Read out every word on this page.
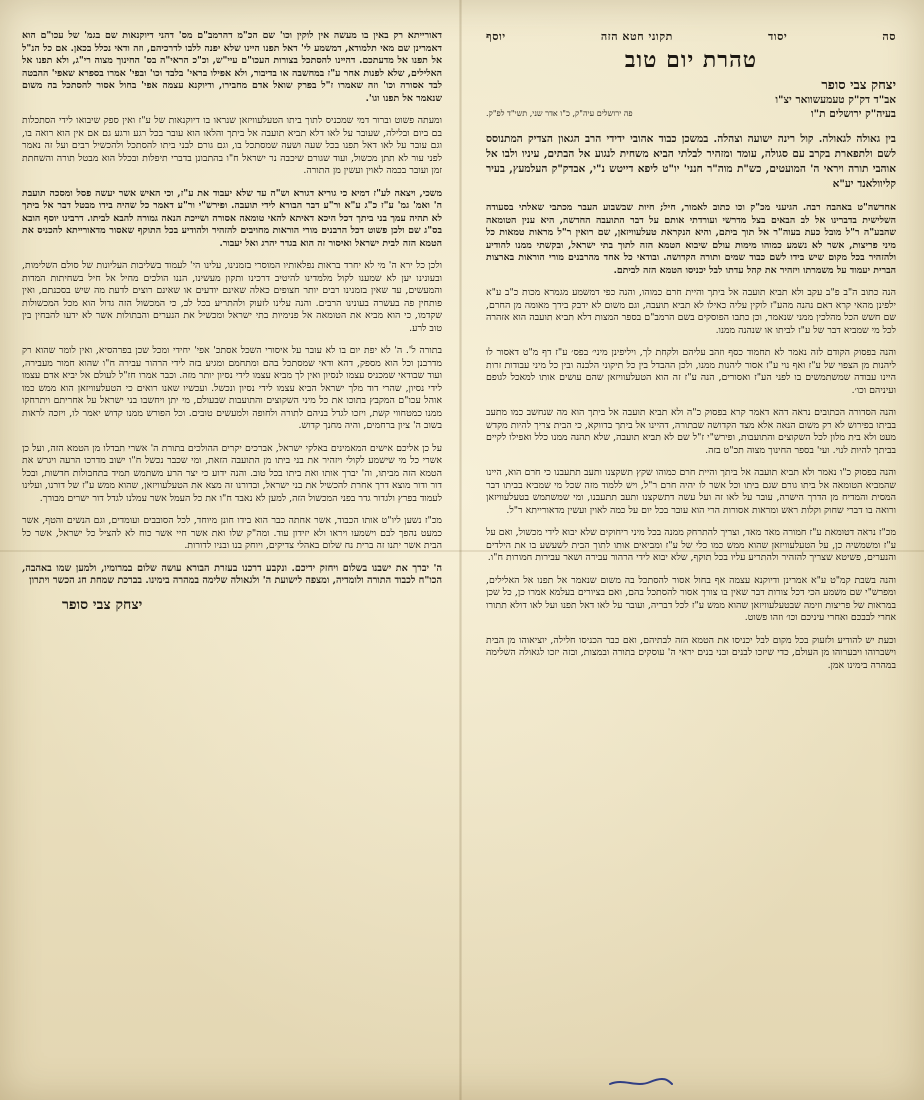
סה
יסוד
תקוני חטא הזה
יוסף
טהרת יום טוב
יצחק צבי סופר
אב"ד דק"ק טעמעשוואר יצ"ו
בעיה"ק ירושלים ת"ו
פה ירושלים עיה"ק, כ"ו אדר שני, תשי"ד לפ"ק.

בין גאולה לגאולה. קול רינה ישועה וצהלה. במשכן כבוד אהובי ידידי הרב הגאון הצדיק המתנוסס לשם ולתפארת בקרב עם סגולה, עומד ומזהיר לבלתי הביא משחית לנגוע אל הבתים, עיניו ולבו אל אוהבי תורה ויראי ה' המועטים, כש"ת מוה"ר חנני' יו"ט ליפא דייטש נ"י, אבדק"ק העלמעץ, בעיר קליוולאנד יע"א

אחדשה"ט באהבה רבה. הגיעני מכ"ק וכו כתוב לאמור, חיל; חיות שבשבוע העבר מכתבי שאלתי בסעודה השלישית בדברינו אל לב הבאים בצל מדרשי ועורדתי אותם על דבר התועבה החדשה, היא ענין הטומאה שהבע"ה ר"ל מובל כעת בעוה"ר אל תוך ביתם, והיא הנקראת טעלעוויזאן, שם רואין ר"ל מראות טמאות כל מיני פריצות, אשר לא נשמע כמוהו מימות עולם שיבוא הטמא הזה לתוך בתי ישראל, ובקשתי ממנו להודיע ולהזהיר בכל מקום שיש בידו לשם כבוד שמים ותורה הקדושה. ובודאי כל אחד מהרבנים מורי הוראות בארצות הברית יעמוד על משמרתו ויזהיר את קהל עדתו לבל יכניסו הטמא הזה לביתם.

הנה כתוב ה"ב פ"ב עקב ולא תביא תועבה אל ביתך והיית חרם כמוהו, והנה כפי דמשמע מגמרא מכות כ"ב ע"א ילפינן מהאי קרא דאם נהנה מהע"ז לוקין עליה כאילו לא תביא תועבה, וגם משום לא ידבק בידך מאומה מן החרם, שם חשש הכל מהלכין ממני שנאמר, וכן כתבו הפוסקים בשם הרמב"ם בספר המצות דלא תביא תועבה הוא אזהרה לכל מי שמביא דבר של ע"ז לביתו או שנהנה ממנו.

והנה בפסוק הקודם לזה נאמר לא תחמוד כסף וזהב עליהם ולקחת לך, ויליפינן מיני׳ בפס׳ ע"ז דף מ"ט דאסור לו ליהנות מן הצפוי של ע"ז ואף נוי ע"ז אסור ליהנות ממנו, ולכן ההבדל בין כל תיקוני הלבנה ובין כל מיני עבודות זרות היינו עבודה שמשתמשים בו לפני הע"ז ואסורים, הנה ע"ז זה הוא הטעלעוויזאן שהם עושים אותו למאכל לגופם ועיניהם וכו׳.

והנה הסדורה הכתובים נראה דהא דאמר קרא בפסוק כ"ה ולא תביא תועבה אל ביתך הוא מה שנחשב כמו מתעב בביתו בפירוש לא רק משום הנאה אלא מצד הקדושה שבתורה, דהיינו אל ביתך בדווקא, כי הבית צריך להיות מקדש מעט ולא בית מלון לכל השקוצים והתועבות, ופירש"י ז"ל שם לא תביא תועבה, שלא תהנה ממנו כלל ואפילו לקיים בביתך להיות לנוי. ועי' בספר החינוך מצוה תכ"ט בזה.

והנה בפסוק כ"ו נאמר ולא תביא תועבה אל ביתך והיית חרם כמוהו שקץ תשקצנו ותעב תתעבנו כי חרם הוא, היינו שהמביא הטומאה אל ביתו גורם שגם ביתו וכל אשר לו יהיה חרם ר"ל, ויש ללמוד מזה שכל מי שמביא בביתו דבר המסית והמדיח מן הדרך הישרה, עובר על לאו זה ועל עשה דתשקצנו ותעב תתעבנו, ומי שמשתמש בטעלעוויזאן ורואה בו דברי שחוק וקלות ראש ומראות אסורות הרי הוא עובר בכל יום על כמה לאוין ועשין מדאורייתא ר"ל.

מכ"ז נראה דטומאת ע"ז חמורה מאד מאד, וצריך להתרחק ממנה בכל מיני ריחוקים שלא יבוא לידי מכשול, ואם על ע"ז ומשמשיה כן, על הטעלעוויזאן שהוא ממש כמו כלי של ע"ז ומביאים אותו לתוך הבית לשעשע בו את הילדים והנערים, פשיטא שצריך להזהיר ולהתריע עליו בכל תוקף, שלא יבוא לידי הרהור עבירה ושאר עבירות חמורות ח"ו.

והנה בשבת קמ"ט ע"א אמרינן ודיוקנא עצמה אף בחול אסור להסתכל בה משום שנאמר אל תפנו אל האלילים, ומפרש"י שם משמע הכי דכל צורות דבר שאין בו צורך אסור להסתכל בהם, ואם בציורים בעלמא אמרו כן, כל שכן במראות של פריצות וזימה שבטעלעוויזאן שהוא ממש ע"ז לכל דבריה, ועובר על לאו דאל תפנו ועל לאו דולא תתורו אחרי לבבכם ואחרי עיניכם וכו׳ וזהו פשוט.

וכעת יש להודיע ולזעוק בכל מקום לבל יכניסו את הטמא הזה לבתיהם, ואם כבר הכניסו חלילה, יוציאוהו מן הבית וישברוהו ויבערוהו מן העולם, כדי שיזכו לבנים ובני בנים יראי ה' עוסקים בתורה ובמצות, ובזה יזכו לגאולה השלימה במהרה בימינו אמן.

דאורייתא רק באין בו מעשה אין לוקין וכו' שם הכ"מ דהרמב"ם מס' דהני דיוקנאות שם בגמ' של עכו"ם הוא דאמרינן שם מאי תלמודא, דמשמע לי' דאל תפנו היינו שלא יפנה ללבו לדרכיהם, וזה ודאי נכלל בכאן. אם כל הנ"ל אל תפנו אל מדעתכם. דהיינו להסתכל בצורות העכו"ם עיי"ש, וכ"כ הראי"ה בס' החינוך מצוה רי"ג, ולא תפנו אל האלילים, שלא לפנות אחר ע"ז במחשבה או בדיבור, ולא אפילו בראי' בלבד וכו' ובפי' אמרו בספרא שאפי' ההבטה לבד אסורה וכו' וזה שאמרו ז"ל בפרק שואל אדם מחבירו, ודיוקנא עצמה אפי' בחול אסור להסתכל בה משום שנאמר אל תפנו וגו'.

ומעתה פשוט וברור דמי שמכניס לתוך ביתו הטעלעוויזאן שנראו בו דיוקנאות של ע"ז ואין ספק שיבואו לידי הסתכלות בם ביום ובלילה, שעובר על לאו דלא תביא תועבה אל ביתך והלאו הוא עובר בכל רגע ורגע גם אם אין הוא רואה בו, וגם עובר על לאו דאל תפנו בכל שעה ושעה שמסתכל בו, וגם גורם לבני ביתו להסתכל ולהכשיל רבים ועל זה נאמר לפני עור לא תתן מכשול, ועוד שגורם שיכבה נר ישראל ח"ו בהתבונן בדברי תיפלות ובכלל הוא מבטל תורה והשחתת זמן ועובר בכמה לאוין ועשין מן התורה.

משכי, ויצאה לע"ז דמיא כי גוריא דגורא וש"ה עד שלא יעבוד את ע"ז, וכי האיש אשר יעשה פסל ומסכה תועבת ה' ואמ' גמ' ע"ז כ"ג ע"א ור"ע דבר הבורא לידי תועבה. ופירש"י ור"ע דאמר כל שהיה בידו מבטל דבר אל ביתך לא תהיה עמך בני ביתך דכל היכא דאיתא להאי טומאה אסורה ושייכת הנאה גמורה להבא לביתו. דרבינו יוסף הובא בס"ג שם ולכן פשוט דכל הרבנים מורי הוראות מחויבים להזהיר ולהודיע בכל התוקף שאסור מדאורייתא להכניס את הטמא הזה לבית ישראל ואיסור זה הוא בגדר יהרג ואל יעבור.

ולכן כל ירא ה' מי לא יחרד בראות נפלאותיו המוסרי בזמנינו, עלינו הי' לעמוד בשליבות העליונות של סולם השלימות, ובעונינו יען לא שמענו לקול מלמדינו להיטיב דרכינו ותקון מעשינו, הננו הולכים מחיל אל חיל בשחיתות המדות והמעשים, עד שאין בזמנינו רבים יותר חצופים כאלה שאינם יודעים או שאינם רוצים לדעת מה שיש בסכנתם, ואין פותחין פה בעשרה בעונינו הרבים. והנה עלינו לזעוק ולהתריע בכל לב, כי המכשול הזה גדול הוא מכל המכשולות שקדמו, כי הוא מביא את הטומאה אל פנימיות בתי ישראל ומכשיל את הנערים והבתולות אשר לא ידעו להבחין בין טוב לרע.

בתורה ל'. ה' לא יפת יום בו לא עובר על איסורי השכל אסתכ' אפי' יחידי ומכל שכן בפרהסיא, ואין לומר שהוא רק מדרבנן וכל הוא מספק, דהא ודאי שמסתכל בהם ומתחמם ומגיע בזה לידי הרהור עבירה ח"ו שהוא חמור מעבירה, ועוד שבודאי שמכניס עצמו לנסיון ואין לך מביא עצמו לידי נסיון יותר מזה. וכבר אמרו חז"ל לעולם אל יביא אדם עצמו לידי נסיון, שהרי דוד מלך ישראל הביא עצמו לידי נסיון ונכשל. ועכשיו שאנו רואים כי הטעלעוויזאן הוא ממש כמו אוהל עכו"ם המקבץ בתוכו את כל מיני השקוצים והתועבות שבעולם, מי יתן ויחשבו בני ישראל על אחריתם ויתרחקו ממנו כמטחווי קשת, ויזכו לגדל בניהם לתורה ולחופה ולמעשים טובים. וכל הפורש ממנו קדוש יאמר לו, ויזכה לראות בשוב ה' ציון ברחמים, והיה מחנך קדוש.

על כן אליכם אישים המאמינים באלקי ישראל, אברכים יקרים ההולכים בתורת ה' אשרי תבדלו מן הטמא הזה, ועל כן אשרי כל מי שישמע לקולי ויזהיר את בני ביתו מן התועבה הזאת, ומי שכבר נכשל ח"ו ישוב מדרכו הרעה ויגרש את הטמא הזה מביתו, וה' יברך אותו ואת ביתו בכל טוב. והנה ידוע כי יצר הרע משתמש תמיד בתחבולות חדשות, ובכל דור ודור מוצא דרך אחרת להכשיל את בני ישראל, ובדורנו זה מצא את הטעלעוויזאן, שהוא ממש ע"ז של דורנו, ועלינו לעמוד בפרץ ולגדור גדר בפני המכשול הזה, למען לא נאבד ח"ו את כל העמל אשר עמלנו לגדל דור ישרים מבורך.

מכ"ז נשען ליו"ט אותו הכבוד, אשר אחתה כבר הוא בידו חונן מיוחד, לכל הסובבים ועומדים, וגם הנשים והטף, אשר כמעט נהפך לבם וישמעו ויראו ולא יזידון עוד. ומה"ק שלו ואת אשר חיי אשר כוח לא להציל כל ישראל, אשר כל הבית אשר יתנו זה ברית נח שלום באהלי צדיקים, ויוחק בנו ובניו לדורות.

ה' יברך את ישבנו בשלום ויחזק ידיכם. ונקבע דרכנו בעזרת הבורא עושה שלום במרומיו, ולמען שמו באהבה, הכו"ח לכבוד התורה ולומדיה, ומצפה לישועת ה' ולגאולה שלימה במהרה בימינו. בברכת שמחת חג הכשר ויתרון

יצחק צבי סופר
